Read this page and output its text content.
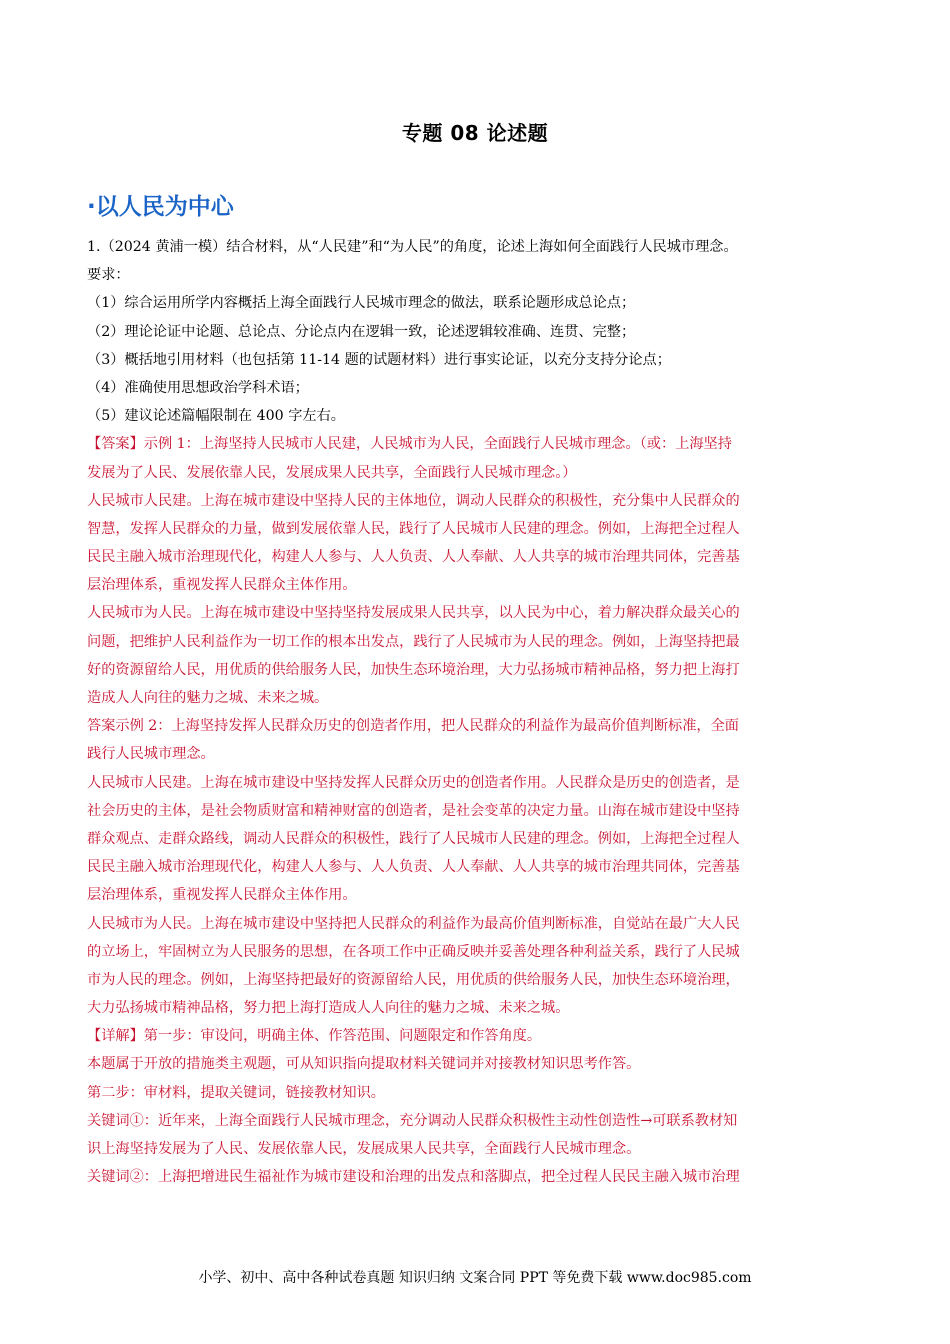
专题 08 论述题
·以人民为中心
1.（2024 黄浦一模）结合材料，从“人民建”和“为人民”的角度，论述上海如何全面践行人民城市理念。
要求：
（1）综合运用所学内容概括上海全面践行人民城市理念的做法，联系论题形成总论点；
（2）理论论证中论题、总论点、分论点内在逻辑一致，论述逻辑较准确、连贯、完整；
（3）概括地引用材料（也包括第 11-14 题的试题材料）进行事实论证，以充分支持分论点；
（4）准确使用思想政治学科术语；
（5）建议论述篇幅限制在 400 字左右。
【答案】示例 1：上海坚持人民城市人民建，人民城市为人民，全面践行人民城市理念。（或：上海坚持
发展为了人民、发展依靠人民，发展成果人民共享，全面践行人民城市理念。）
人民城市人民建。上海在城市建设中坚持人民的主体地位，调动人民群众的积极性，充分集中人民群众的
智慧，发挥人民群众的力量，做到发展依靠人民，践行了人民城市人民建的理念。例如，上海把全过程人
民民主融入城市治理现代化，构建人人参与、人人负责、人人奉献、人人共享的城市治理共同体，完善基
层治理体系，重视发挥人民群众主体作用。
人民城市为人民。上海在城市建设中坚持坚持发展成果人民共享，以人民为中心，着力解决群众最关心的
问题，把维护人民利益作为一切工作的根本出发点，践行了人民城市为人民的理念。例如，上海坚持把最
好的资源留给人民，用优质的供给服务人民，加快生态环境治理，大力弘扬城市精神品格，努力把上海打
造成人人向往的魅力之城、未来之城。
答案示例 2：上海坚持发挥人民群众历史的创造者作用，把人民群众的利益作为最高价值判断标准，全面
践行人民城市理念。
人民城市人民建。上海在城市建设中坚持发挥人民群众历史的创造者作用。人民群众是历史的创造者，是
社会历史的主体，是社会物质财富和精神财富的创造者，是社会变革的决定力量。山海在城市建设中坚持
群众观点、走群众路线，调动人民群众的积极性，践行了人民城市人民建的理念。例如，上海把全过程人
民民主融入城市治理现代化，构建人人参与、人人负责、人人奉献、人人共享的城市治理共同体，完善基
层治理体系，重视发挥人民群众主体作用。
人民城市为人民。上海在城市建设中坚持把人民群众的利益作为最高价值判断标准，自觉站在最广大人民
的立场上，牢固树立为人民服务的思想，在各项工作中正确反映并妥善处理各种利益关系，践行了人民城
市为人民的理念。例如，上海坚持把最好的资源留给人民，用优质的供给服务人民，加快生态环境治理，
大力弘扬城市精神品格，努力把上海打造成人人向往的魅力之城、未来之城。
【详解】第一步：审设问，明确主体、作答范围、问题限定和作答角度。
本题属于开放的措施类主观题，可从知识指向提取材料关键词并对接教材知识思考作答。
第二步：审材料，提取关键词，链接教材知识。
关键词①：近年来，上海全面践行人民城市理念，充分调动人民群众积极性主动性创造性→可联系教材知
识上海坚持发展为了人民、发展依靠人民，发展成果人民共享，全面践行人民城市理念。
关键词②：上海把增进民生福祉作为城市建设和治理的出发点和落脚点，把全过程人民民主融入城市治理
小学、初中、高中各种试卷真题 知识归纳 文案合同 PPT 等免费下载 www.doc985.com
